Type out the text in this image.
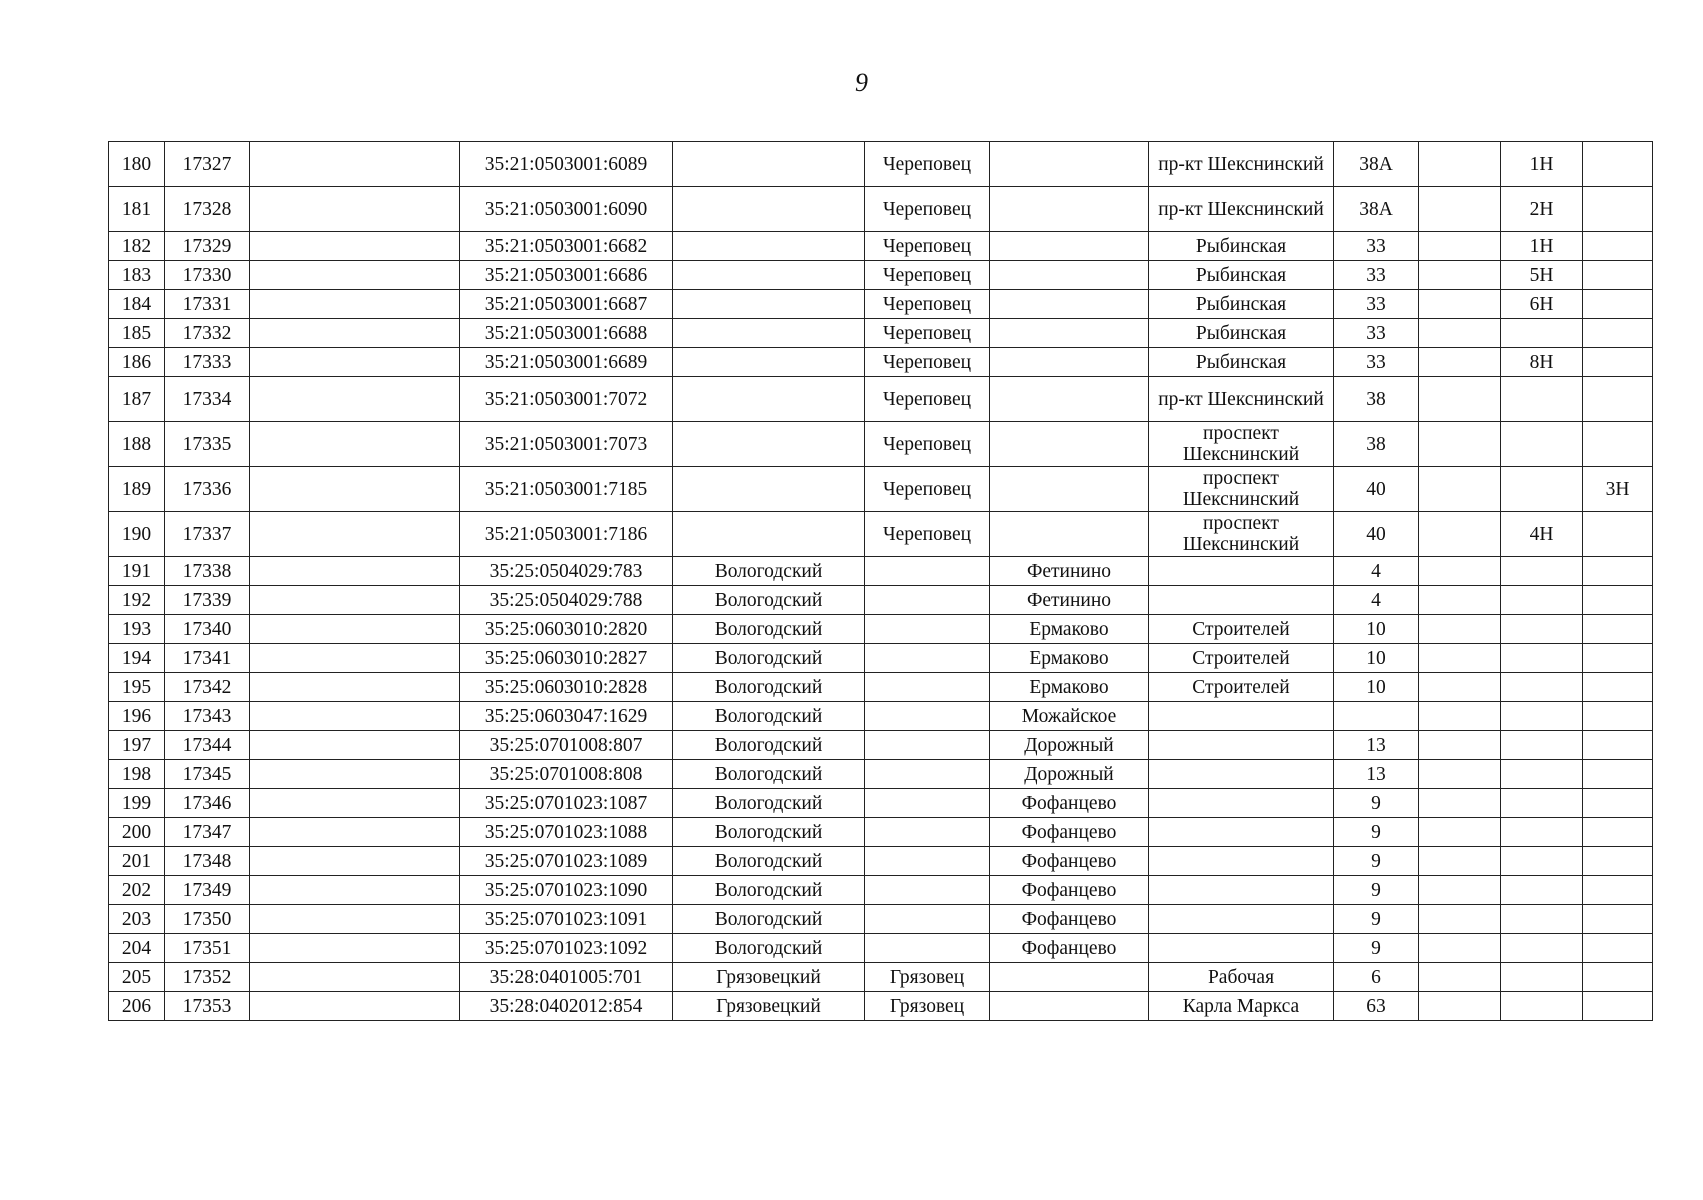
9
180	17327		35:21:0503001:6089		Череповец		пр-кт Шекснинский	38А		1Н	
181	17328		35:21:0503001:6090		Череповец		пр-кт Шекснинский	38А		2Н	
182	17329		35:21:0503001:6682		Череповец		Рыбинская	33		1Н	
183	17330		35:21:0503001:6686		Череповец		Рыбинская	33		5Н	
184	17331		35:21:0503001:6687		Череповец		Рыбинская	33		6Н	
185	17332		35:21:0503001:6688		Череповец		Рыбинская	33			
186	17333		35:21:0503001:6689		Череповец		Рыбинская	33		8Н	
187	17334		35:21:0503001:7072		Череповец		пр-кт Шекснинский	38			
188	17335		35:21:0503001:7073		Череповец		проспект Шекснинский	38			
189	17336		35:21:0503001:7185		Череповец		проспект Шекснинский	40			3Н
190	17337		35:21:0503001:7186		Череповец		проспект Шекснинский	40		4Н	
191	17338		35:25:0504029:783	Вологодский		Фетинино		4			
192	17339		35:25:0504029:788	Вологодский		Фетинино		4			
193	17340		35:25:0603010:2820	Вологодский		Ермаково	Строителей	10			
194	17341		35:25:0603010:2827	Вологодский		Ермаково	Строителей	10			
195	17342		35:25:0603010:2828	Вологодский		Ермаково	Строителей	10			
196	17343		35:25:0603047:1629	Вологодский		Можайское					
197	17344		35:25:0701008:807	Вологодский		Дорожный		13			
198	17345		35:25:0701008:808	Вологодский		Дорожный		13			
199	17346		35:25:0701023:1087	Вологодский		Фофанцево		9			
200	17347		35:25:0701023:1088	Вологодский		Фофанцево		9			
201	17348		35:25:0701023:1089	Вологодский		Фофанцево		9			
202	17349		35:25:0701023:1090	Вологодский		Фофанцево		9			
203	17350		35:25:0701023:1091	Вологодский		Фофанцево		9			
204	17351		35:25:0701023:1092	Вологодский		Фофанцево		9			
205	17352		35:28:0401005:701	Грязовецкий	Грязовец		Рабочая	6			
206	17353		35:28:0402012:854	Грязовецкий	Грязовец		Карла Маркса	63			
